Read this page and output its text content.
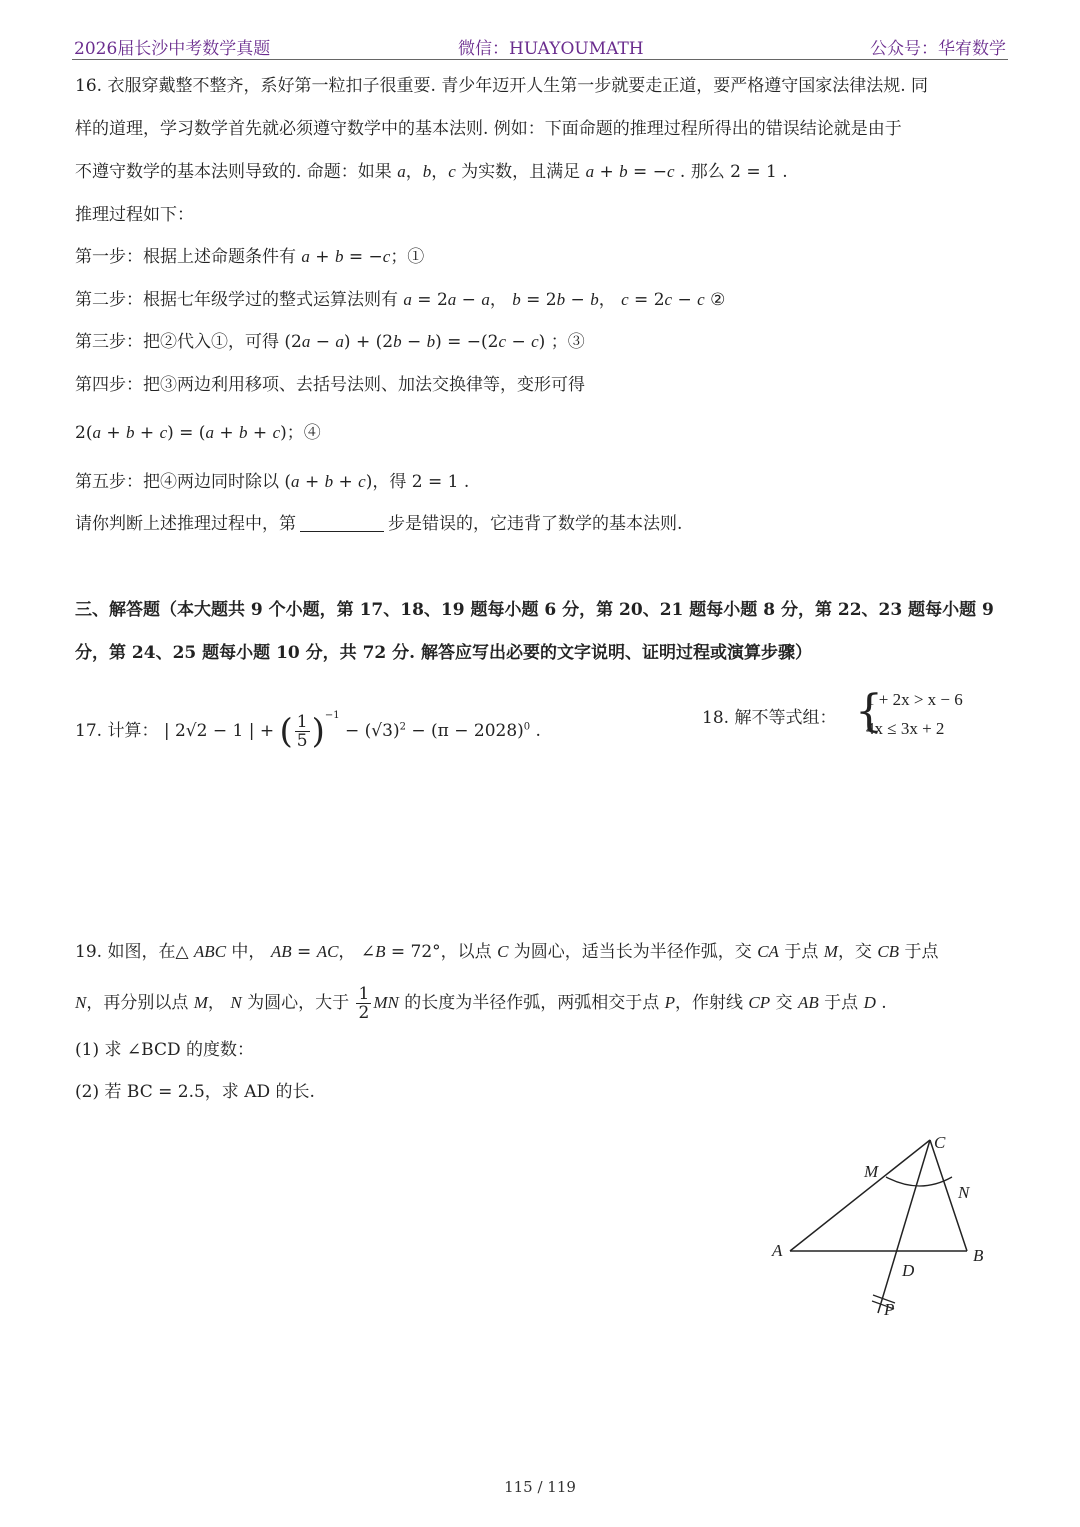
2026届长沙中考数学真题	微信：HUAYOUMATH	公众号：华宥数学
16. 衣服穿戴整不整齐，系好第一粒扣子很重要. 青少年迈开人生第一步就要走正道，要严格遵守国家法律法规. 同
样的道理，学习数学首先就必须遵守数学中的基本法则. 例如：下面命题的推理过程所得出的错误结论就是由于
不遵守数学的基本法则导致的. 命题：如果 a，b，c 为实数，且满足 a + b = −c . 那么 2 = 1 .
推理过程如下：
第一步：根据上述命题条件有 a + b = −c；①
第二步：根据七年级学过的整式运算法则有 a = 2a − a， b = 2b − b， c = 2c − c ②
第三步：把②代入①，可得 (2a − a) + (2b − b) = −(2c − c) ；③
第四步：把③两边利用移项、去括号法则、加法交换律等，变形可得
2(a + b + c) = (a + b + c)；④
第五步：把④两边同时除以 (a + b + c)，得 2 = 1 .
请你判断上述推理过程中，第	步是错误的，它违背了数学的基本法则.
三、解答题（本大题共 9 个小题，第 17、18、19 题每小题 6 分，第 20、21 题每小题 8 分，第 22、23 题每小题 9
分，第 24、25 题每小题 10 分，共 72 分. 解答应写出必要的文字说明、证明过程或演算步骤）
17. 计算： | 2√2 − 1 | + ( $\frac{1}{5} )^{-1} - (√3)^2 - (\pi - 2028)^0$ .
18. 解不等式组： {
1 + 2x > x − 6
4x ≤ 3x + 2
19. 如图，在△ ABC 中， AB = AC， ∠B = 72°，以点 C 为圆心，适当长为半径作弧，交 CA 于点 M，交 CB 于点
N，再分别以点 M， N 为圆心，大于 $\frac{1}{2}$ MN 的长度为半径作弧，两弧相交于点 P，作射线 CP 交 AB 于点 D .
(1) 求 ∠BCD 的度数：
(2) 若 BC = 2.5，求 AD 的长.
A	B
C
M
N
D
P
115 / 119
